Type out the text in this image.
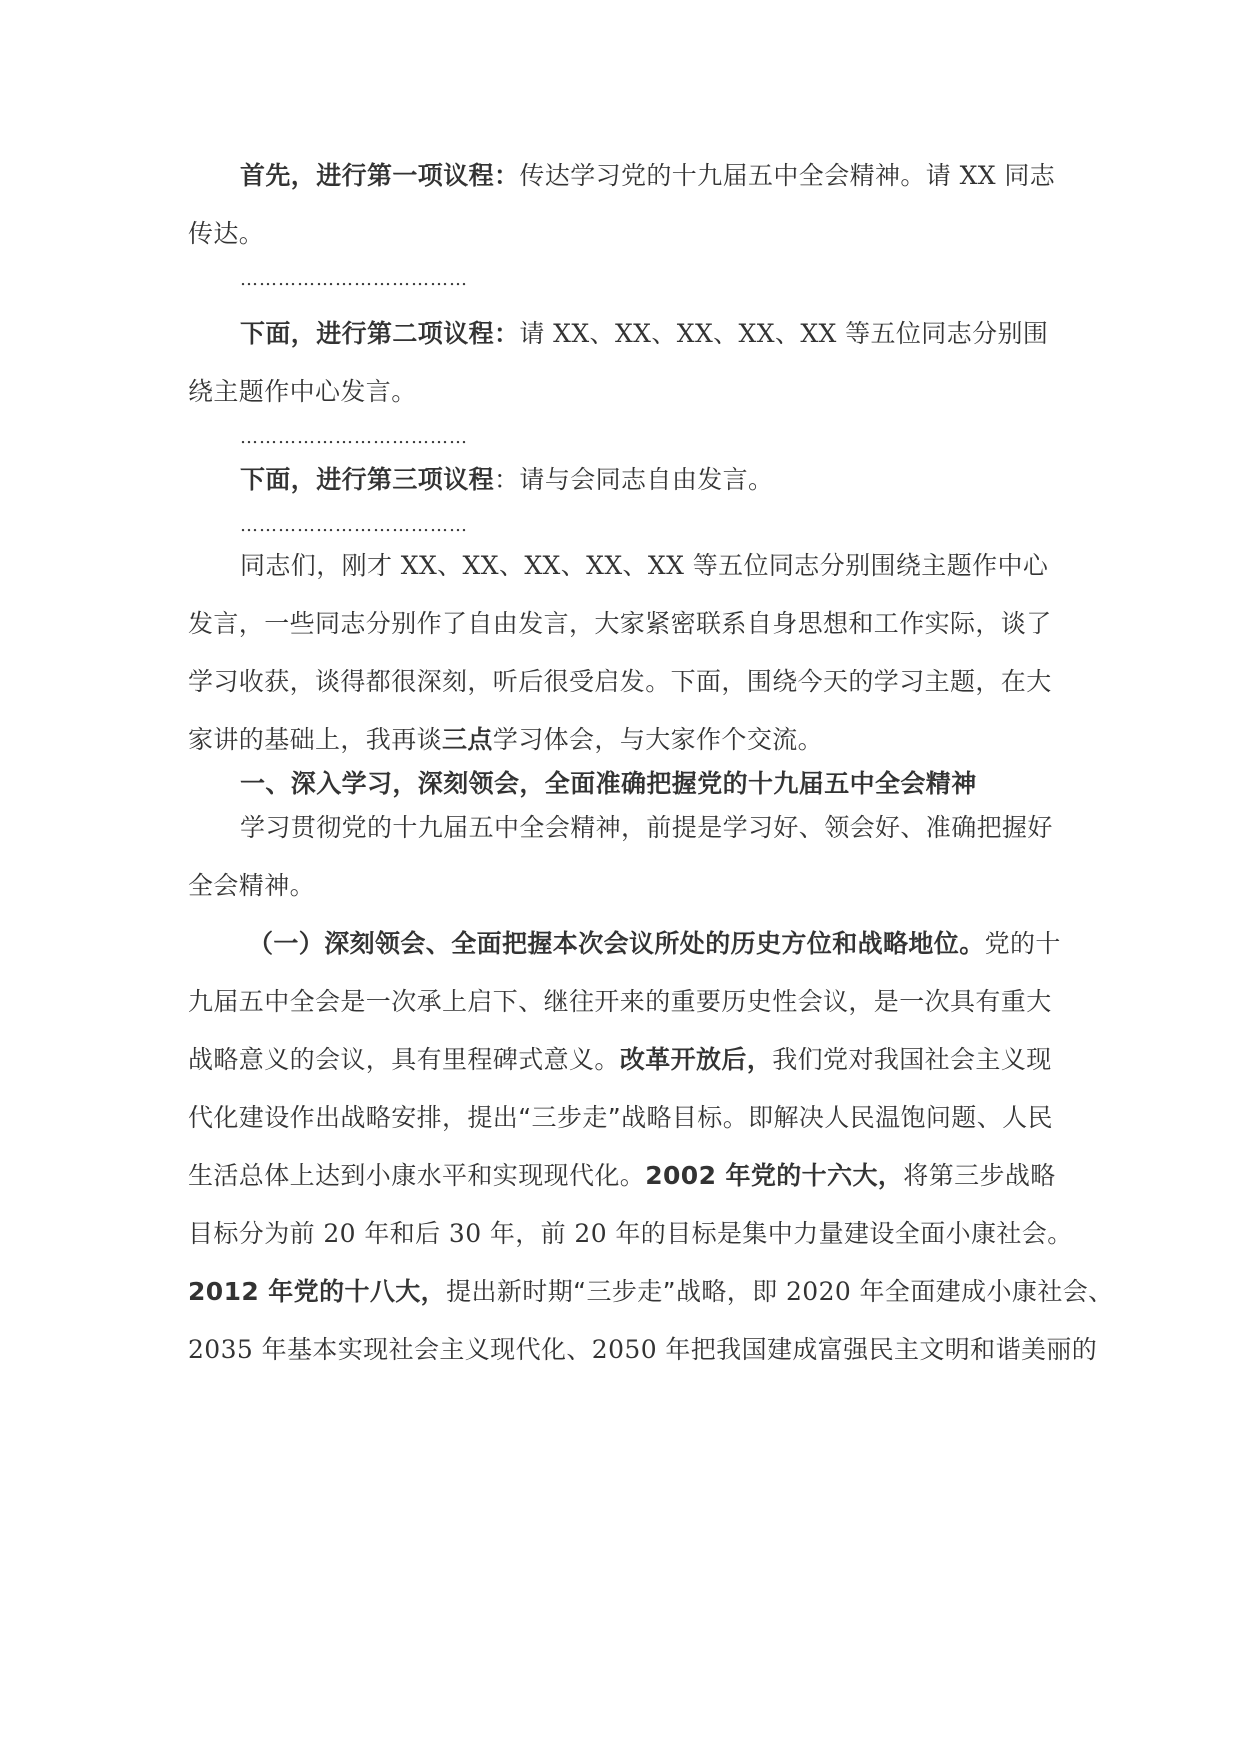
首先，进行第一项议程：传达学习党的十九届五中全会精神。请 XX 同志
传达。
………………………………
下面，进行第二项议程：请 XX、XX、XX、XX、XX 等五位同志分别围
绕主题作中心发言。
………………………………
下面，进行第三项议程：请与会同志自由发言。
………………………………
同志们，刚才 XX、XX、XX、XX、XX 等五位同志分别围绕主题作中心
发言，一些同志分别作了自由发言，大家紧密联系自身思想和工作实际，谈了
学习收获，谈得都很深刻，听后很受启发。下面，围绕今天的学习主题，在大
家讲的基础上，我再谈三点学习体会，与大家作个交流。
一、深入学习，深刻领会，全面准确把握党的十九届五中全会精神
学习贯彻党的十九届五中全会精神，前提是学习好、领会好、准确把握好
全会精神。
（一）深刻领会、全面把握本次会议所处的历史方位和战略地位。党的十
九届五中全会是一次承上启下、继往开来的重要历史性会议，是一次具有重大
战略意义的会议，具有里程碑式意义。改革开放后，我们党对我国社会主义现
代化建设作出战略安排，提出“三步走”战略目标。即解决人民温饱问题、人民
生活总体上达到小康水平和实现现代化。2002 年党的十六大，将第三步战略
目标分为前 20 年和后 30 年，前 20 年的目标是集中力量建设全面小康社会。
2012 年党的十八大，提出新时期“三步走”战略，即 2020 年全面建成小康社会、
2035 年基本实现社会主义现代化、2050 年把我国建成富强民主文明和谐美丽的
